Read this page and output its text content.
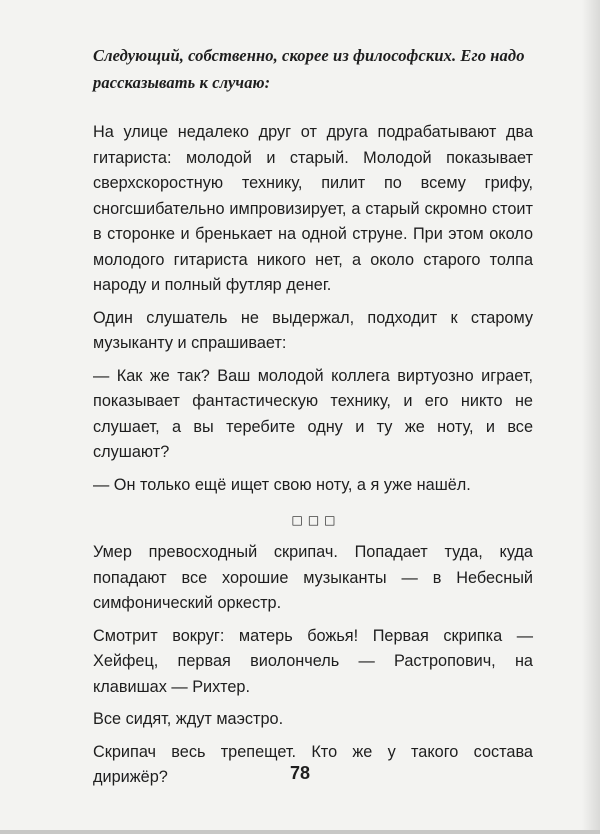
Следующий, собственно, скорее из философских. Его надо рассказывать к случаю:

На улице недалеко друг от друга подрабатывают два гитариста: молодой и старый. Молодой показывает сверхскоростную технику, пилит по всему грифу, сногсшибательно импровизирует, а старый скромно стоит в сторонке и бренькает на одной струне. При этом около молодого гитариста никого нет, а около старого толпа народу и полный футляр денег.

Один слушатель не выдержал, подходит к старому музыканту и спрашивает:

— Как же так? Ваш молодой коллега виртуозно играет, показывает фантастическую технику, и его никто не слушает, а вы теребите одну и ту же ноту, и все слушают?

— Он только ещё ищет свою ноту, а я уже нашёл.

□□□

Умер превосходный скрипач. Попадает туда, куда попадают все хорошие музыканты — в Небесный симфонический оркестр.

Смотрит вокруг: матерь божья! Первая скрипка — Хейфец, первая виолончель — Растропович, на клавишах — Рихтер.

Все сидят, ждут маэстро.

Скрипач весь трепещет. Кто же у такого состава дирижёр?	78
